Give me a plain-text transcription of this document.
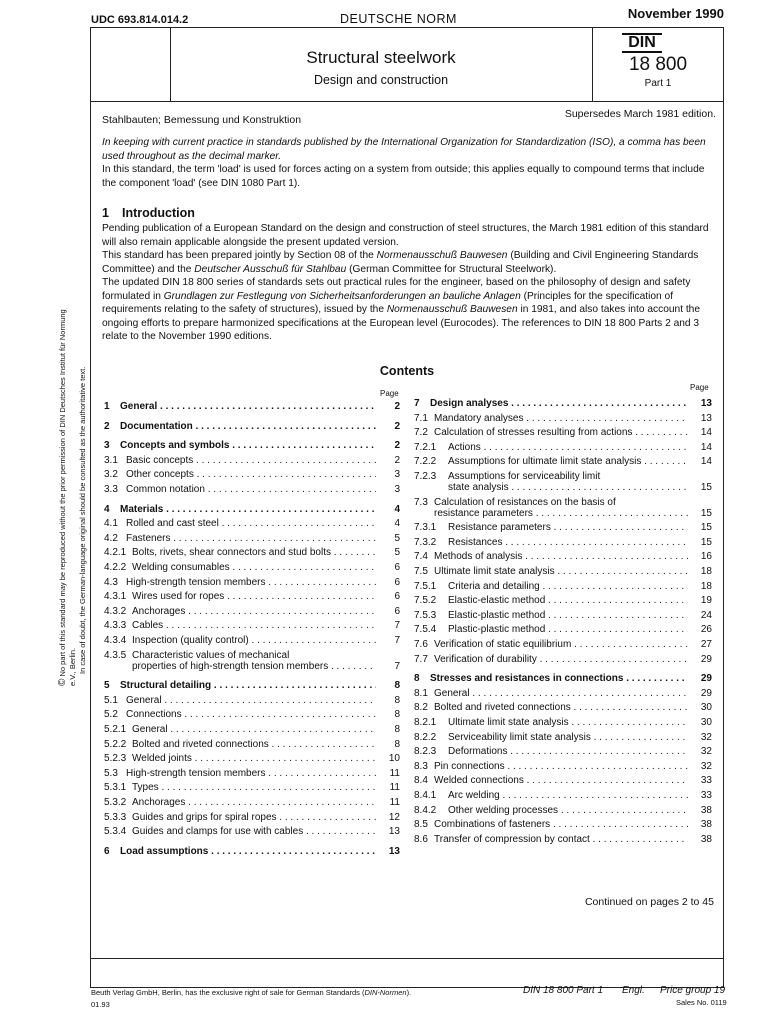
UDC 693.814.014.2	DEUTSCHE NORM	November 1990
Structural steelwork
Design and construction
DIN
18 800
Part 1
Stahlbauten; Bemessung und Konstruktion	Supersedes March 1981 edition.
In keeping with current practice in standards published by the International Organization for Standardization (ISO), a comma has been used throughout as the decimal marker.
In this standard, the term 'load' is used for forces acting on a system from outside; this applies equally to compound terms that include the component 'load' (see DIN 1080 Part 1).
1 Introduction
Pending publication of a European Standard on the design and construction of steel structures, the March 1981 edition of this standard will also remain applicable alongside the present updated version.
This standard has been prepared jointly by Section 08 of the Normenausschuß Bauwesen (Building and Civil Engineering Standards Committee) and the Deutscher Ausschuß für Stahlbau (German Committee for Structural Steelwork).
The updated DIN 18 800 series of standards sets out practical rules for the engineer, based on the philosophy of design and safety formulated in Grundlagen zur Festlegung von Sicherheitsanforderungen an bauliche Anlagen (Principles for the specification of requirements relating to the safety of structures), issued by the Normenausschuß Bauwesen in 1981, and also takes into account the ongoing efforts to prepare harmonized specifications at the European level (Eurocodes). The references to DIN 18 800 Parts 2 and 3 relate to the November 1990 editions.
Contents
Page
Page
1 General . . .	2
2 Documentation . . .	2
3 Concepts and symbols . . .	2
3.1 Basic concepts . . .	2
3.2 Other concepts . . .	3
3.3 Common notation . . .	3
4 Materials . . .	4
4.1 Rolled and cast steel . . .	4
4.2 Fasteners . . .	5
4.2.1 Bolts, rivets, shear connectors and stud bolts . . .	5
4.2.2 Welding consumables . . .	6
4.3 High-strength tension members . . .	6
4.3.1 Wires used for ropes . . .	6
4.3.2 Anchorages . . .	6
4.3.3 Cables . . .	7
4.3.4 Inspection (quality control) . . .	7
4.3.5 Characteristic values of mechanical
properties of high-strength tension members . . .	7
5 Structural detailing . . .	8
5.1 General . . .	8
5.2 Connections . . .	8
5.2.1 General . . .	8
5.2.2 Bolted and riveted connections . . .	8
5.2.3 Welded joints . . .	10
5.3 High-strength tension members . . .	11
5.3.1 Types . . .	11
5.3.2 Anchorages . . .	11
5.3.3 Guides and grips for spiral ropes . . .	12
5.3.4 Guides and clamps for use with cables . . .	13
6 Load assumptions . . .	13
7 Design analyses . . .	13
7.1 Mandatory analyses . . .	13
7.2 Calculation of stresses resulting from actions . . .	14
7.2.1 Actions . . .	14
7.2.2 Assumptions for ultimate limit state analysis . . .	14
7.2.3 Assumptions for serviceability limit
state analysis . . .	15
7.3 Calculation of resistances on the basis of
resistance parameters . . .	15
7.3.1 Resistance parameters . . .	15
7.3.2 Resistances . . .	15
7.4 Methods of analysis . . .	16
7.5 Ultimate limit state analysis . . .	18
7.5.1 Criteria and detailing . . .	18
7.5.2 Elastic-elastic method . . .	19
7.5.3 Elastic-plastic method . . .	24
7.5.4 Plastic-plastic method . . .	26
7.6 Verification of static equilibrium . . .	27
7.7 Verification of durability . . .	29
8 Stresses and resistances in connections . . .	29
8.1 General . . .	29
8.2 Bolted and riveted connections . . .	30
8.2.1 Ultimate limit state analysis . . .	30
8.2.2 Serviceability limit state analysis . . .	32
8.2.3 Deformations . . .	32
8.3 Pin connections . . .	32
8.4 Welded connections . . .	33
8.4.1 Arc welding . . .	33
8.4.2 Other welding processes . . .	38
8.5 Combinations of fasteners . . .	38
8.6 Transfer of compression by contact . . .	38
Continued on pages 2 to 45
Beuth Verlag GmbH, Berlin, has the exclusive right of sale for German Standards (DIN-Normen).
01.93
DIN 18 800 Part 1 Engl. Price group 19
Sales No. 0119
© No part of this standard may be reproduced without the prior permission of DIN Deutsches Institut für Normung e.V., Berlin. In case of doubt, the German-language original should be consulted as the authoritative text.
